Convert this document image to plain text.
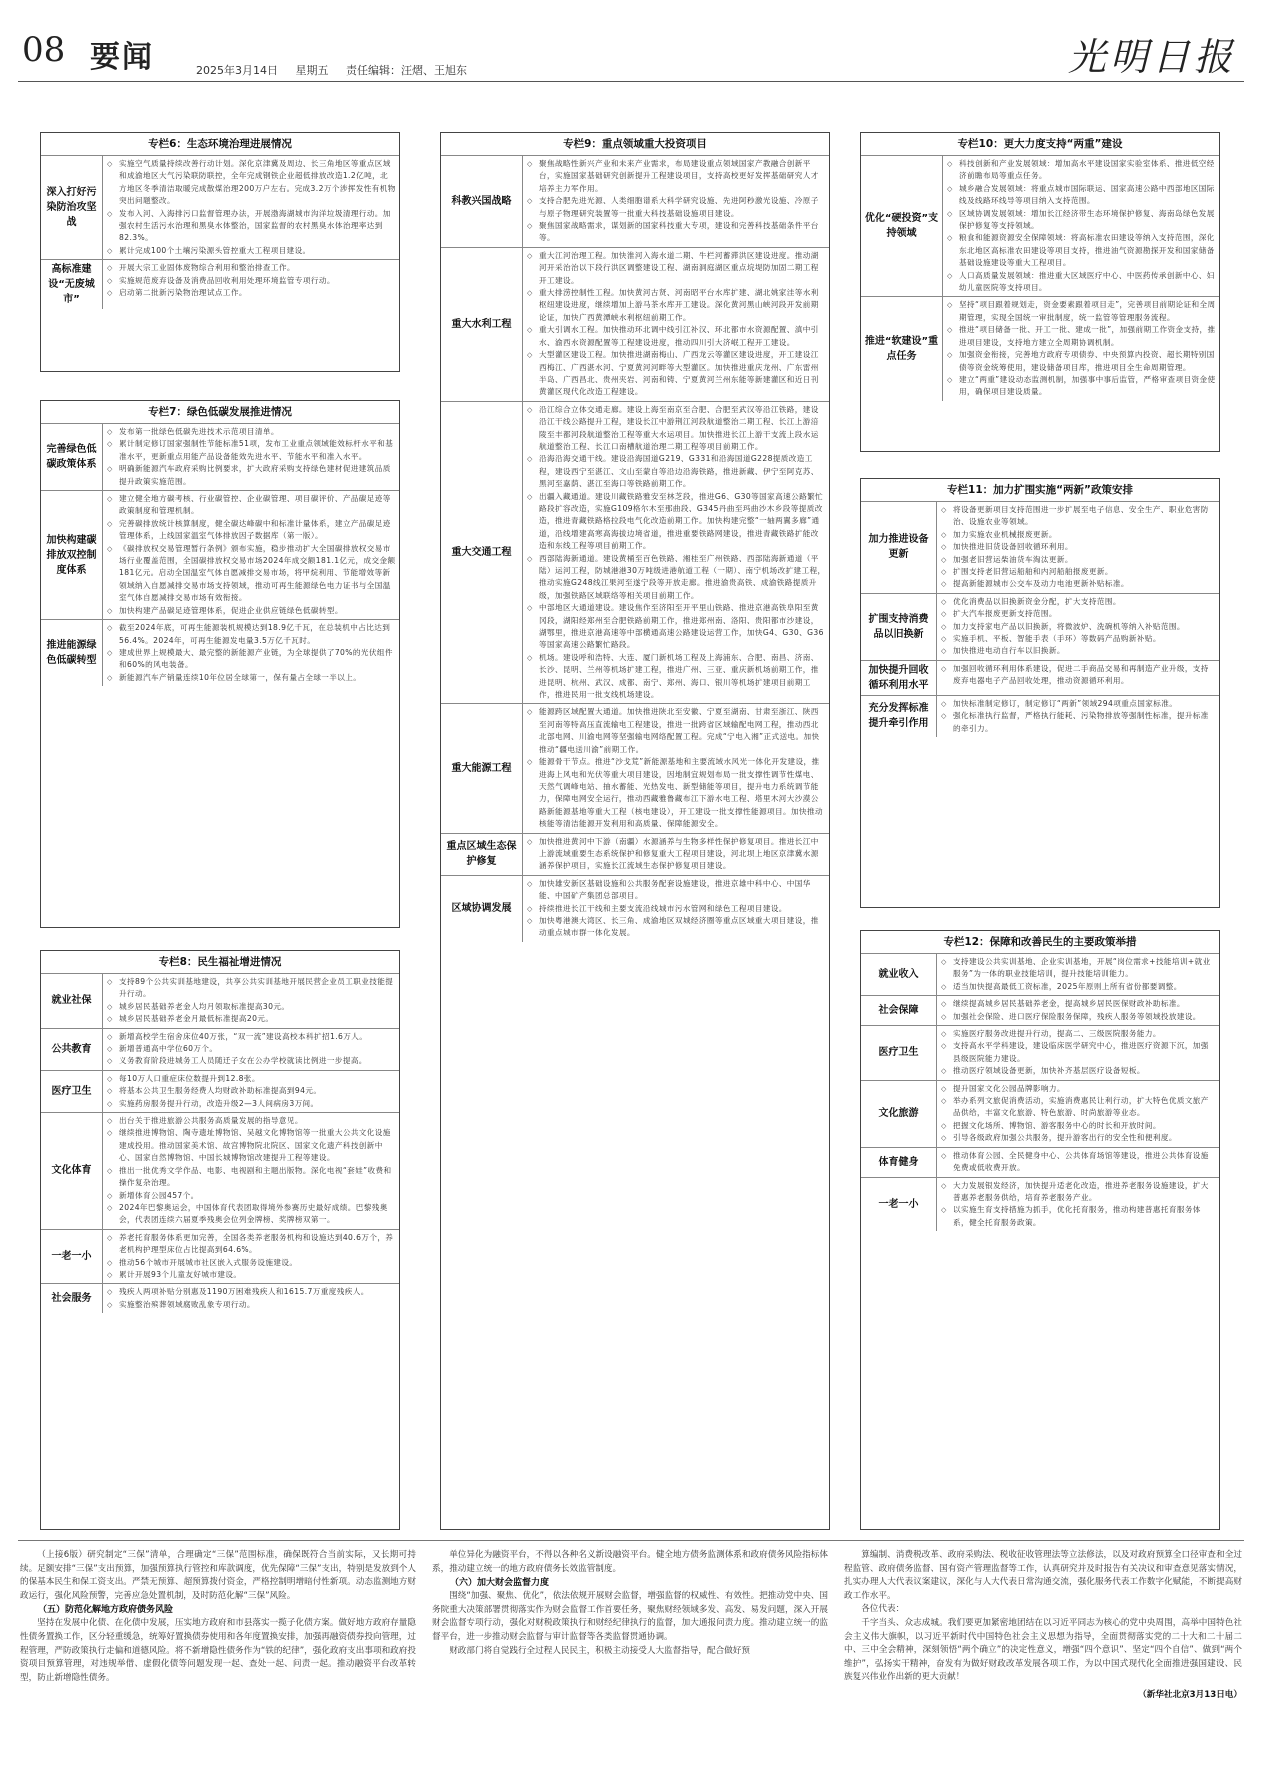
08 要闻	2025年3月14日 星期五 责任编辑：汪熠、王旭东	光明日报
专栏6：生态环境治理进展情况
深入打好污染防治攻坚战
◇ 实施空气质量持续改善行动计划。深化京津冀及周边、长三角地区等重点区域和成渝地区大气污染联防联控，全年完成钢铁企业超低排放改造1.2亿吨，北方地区冬季清洁取暖完成散煤治理200万户左右。完成3.2万个涉挥发性有机物突出问题整改。
◇ 发布入河、入海排污口监督管理办法，开展渤海湖城市沟洋垃圾清理行动。加强农村生活污水治理和黑臭水体整治，国家监督的农村黑臭水体治理率达到82.3%。
◇ 累计完成100个土壤污染源头管控重大工程项目建设。
高标准建设“无废城市”
◇ 开展大宗工业固体废物综合利用和整治排查工作。
◇ 实施规范废弃设备及消费品回收利用处理环境监管专项行动。
◇ 启动第二批新污染物治理试点工作。
专栏7：绿色低碳发展推进情况
完善绿色低碳政策体系
◇ 发布第一批绿色低碳先进技术示范项目清单。
◇ 累计制定修订国家强制性节能标准51项，发布工业重点领域能效标杆水平和基准水平，更新重点用能产品设备能效先进水平、节能水平和准入水平。
◇ 明确新能源汽车政府采购比例要求，扩大政府采购支持绿色建材促进建筑品质提升政策实施范围。
加快构建碳排放双控制度体系
◇ 建立健全地方碳考核、行业碳管控、企业碳管理、项目碳评价、产品碳足迹等政策制度和管理机制。
◇ 完善碳排放统计核算制度，健全碳达峰碳中和标准计量体系，建立产品碳足迹管理体系，上线国家温室气体排放因子数据库（第一版）。
◇ 《碳排放权交易管理暂行条例》颁布实施，稳步推动扩大全国碳排放权交易市场行业覆盖范围，全国碳排放权交易市场2024年成交额181.1亿元，成交金额181亿元。启动全国温室气体自愿减排交易市场，将甲烷利用、节能增效等新领域纳入自愿减排交易市场支持领域，推动可再生能源绿色电力证书与全国温室气体自愿减排交易市场有效衔接。
◇ 加快构建产品碳足迹管理体系，促进企业供应链绿色低碳转型。
推进能源绿色低碳转型
◇ 截至2024年底，可再生能源装机规模达到18.9亿千瓦，在总装机中占比达到56.4%。2024年，可再生能源发电量3.5万亿千瓦时。
◇ 建成世界上规模最大、最完整的新能源产业链，为全球提供了70%的光伏组件和60%的风电装备。
◇ 新能源汽车产销量连续10年位居全球第一，保有量占全球一半以上。
专栏8：民生福祉增进情况
就业社保
◇ 支持89个公共实训基地建设，共享公共实训基地开展民营企业员工职业技能提升行动。
◇ 城乡居民基础养老金人均月领取标准提高30元。
◇ 城乡居民基础养老金月最低标准提高20元。
公共教育
◇ 新增高校学生宿舍床位40万张，“双一流”建设高校本科扩招1.6万人。
◇ 新增普通高中学位60万个。
◇ 义务教育阶段进城务工人员随迁子女在公办学校就读比例进一步提高。
医疗卫生
◇ 每10万人口重症床位数提升到12.8张。
◇ 将基本公共卫生服务经费人均财政补助标准提高到94元。
◇ 实施药房服务提升行动，改造升级2—3人间病房3万间。
文化体育
◇ 出台关于推进旅游公共服务高质量发展的指导意见。
◇ 继续推进博物馆、陶寺遗址博物馆、吴越文化博物馆等一批重大公共文化设施建成投用。推动国家美术馆、故宫博物院北院区、国家文化遗产科技创新中心、国家自然博物馆、中国长城博物馆改建提升工程等建设。
◇ 推出一批优秀文学作品、电影、电视剧和主题出版物。深化电视“套娃”收费和操作复杂治理。
◇ 新增体育公园457个。
◇ 2024年巴黎奥运会，中国体育代表团取得境外参赛历史最好成绩。巴黎残奥会，代表团连续六届夏季残奥会位列金牌榜、奖牌榜双第一。
一老一小
◇ 养老托育服务体系更加完善，全国各类养老服务机构和设施达到40.6万个，养老机构护理型床位占比提高到64.6%。
◇ 推动56个城市开展城市社区嵌入式服务设施建设。
◇ 累计开展93个儿童友好城市建设。
社会服务
◇ 残疾人两项补贴分别惠及1190万困难残疾人和1615.7万重度残疾人。
◇ 实施整治殡葬领域腐败乱象专项行动。
专栏9：重点领域重大投资项目
科教兴国战略
◇ 聚焦战略性新兴产业和未来产业需求，布局建设重点领域国家产教融合创新平台，实施国家基础研究创新提升工程建设项目，支持高校更好发挥基础研究人才培养主力军作用。
◇ 支持合肥先进光源、人类细胞谱系大科学研究设施、先进阿秒激光设施、冷原子与原子物理研究装置等一批重大科技基础设施项目建设。
◇ 聚焦国家战略需求，谋划新的国家科技重大专项，建设和完善科技基础条件平台等。
重大水利工程
◇ 重大江河治理工程。加快淮河入海水道二期、牛栏河蓄滞洪区建设进度。推动湖河开采治治以下段行洪区调整建设工程、湖南洞庭湖区重点垸堤防加固二期工程开工建设。
◇ 重大排涝控制性工程。加快黄河古贤、河南昭平台水库扩建、湖北姚家洼等水利枢纽建设进度，继续增加上游马茶水库开工建设。深化黄河黑山峡河段开发前期论证，加快广西黄潭峡水利枢纽前期工作。
◇ 重大引调水工程。加快推动环北调中线引江补汉、环北都市水资源配置、滇中引水、渝西水资源配置等工程建设进度，推动四川引大济岷工程开工建设。
◇ 大型灌区建设工程。加快推进湖南梅山、广西龙云等灌区建设进度，开工建设江西梅江、广西湛水河、宁夏黄河河畔等大型灌区。加快推进重庆龙州、广东雷州半岛、广西昌北、贵州夹岩、河南和铸、宁夏黄河兰州东能等新建灌区和近日刊黄灌区现代化改造工程建设。
重大交通工程
◇ 沿江综合立体交通走廊。建设上海至南京至合肥、合肥至武汉等沿江铁路，建设沿江干线公路提升工程，建设长江中游荆江河段航道整治二期工程、长江上游涪陵至丰都河段航道整治工程等重大水运项目。加快推进长江上游干支流上段水运航道整治工程、长江口南槽航道治理二期工程等项目前期工作。
◇ 沿海沿海交通干线。建设沿海国道G219、G331和沿海国道G228提质改造工程，建设西宁至湛江、文山至蒙自等沿边沿海铁路，推进新藏、伊宁至阿克苏、黑河至嘉荫、湛江至海口等铁路前期工作。
◇ 出疆入藏通道。建设川藏铁路雅安至林芝段，推进G6、G30等国家高速公路繁忙路段扩容改造，实施G109格尔木至那曲段、G345丹曲至玛曲沙木乡段等提质改造，推进青藏铁路格拉段电气化改造前期工作。加快构建完整“一轴两翼多廊”通道，沿线增建高寒高海拔边境省道，推进重要铁路网建设，推进青藏铁路扩能改造和东线工程等项目前期工作。
◇ 西部陆海新通道。建设黄桶至百色铁路、湘桂至广州铁路、西部陆海新通道（平陆）运河工程，防城港港30万吨级进港航道工程（一期）、南宁机场改扩建工程，推动实施G248线江果河至遂宁段等开放走廊。推进渝贵高铁、成渝铁路提质升级，加强铁路区域联络等相关项目前期工作。
◇ 中部地区大通道建设。建设焦作至济阳至开平里山铁路、推进京港高铁阜阳至黄冈段，湖阳经郑州至合肥铁路前期工作，推进郑州南、洛阳、贵阳都市沙建设，湖鄂里，推进京港高速等中部横通高速公路建设运营工作，加快G4、G30、G36等国家高速公路繁忙路段。
◇ 机场。建设呼和浩特、大连、厦门新机场工程及上海浦东、合肥、南昌、济南、长沙、昆明、兰州等机场扩建工程，推进广州、三亚、重庆新机场前期工作，推进昆明、杭州、武汉、成都、南宁、郑州、海口、银川等机场扩建项目前期工作，推进民用一批支线机场建设。
重大能源工程
◇ 能源跨区域配置大通道。加快推进陕北至安徽、宁夏至湖南、甘肃至浙江、陕西至河南等特高压直流输电工程建设，推进一批跨省区域输配电网工程，推动西北北部电网、川渝电网等坚强输电网络配置工程。完成“宁电入湘”正式送电。加快推动“疆电送川渝”前期工作。
◇ 能源骨干节点。推进“沙戈荒”新能源基地和主要流域水风光一体化开发建设，推进海上风电和光伏等重大项目建设，因地制宜规划布局一批支撑性调节性煤电、天然气调峰电站、抽水蓄能、光热发电、新型储能等项目，提升电力系统调节能力，保障电网安全运行，推动西藏雅鲁藏布江下游水电工程、塔里木河大沙漠公路新能源基地等重大工程（核电建设），开工建设一批支撑性能源项目。加快推动核能等清洁能源开发利用和高质量、保障能源安全。
重点区域生态保护修复
◇ 加快推进黄河中下游（南疆）水源涵养与生物多样性保护修复项目。推进长江中上游流域重要生态系统保护和修复重大工程项目建设，河北坝上地区京津冀水源涵养保护项目，实施长江流域生态保护修复项目建设。
区域协调发展
◇ 加快雄安新区基础设施和公共服务配套设施建设，推进京雄中科中心、中国华能、中国矿产集团总部项目。
◇ 持续推进长江干线和主要支流沿线城市污水管网和绿色工程项目建设。
◇ 加快粤港澳大湾区、长三角、成渝地区双城经济圈等重点区域重大项目建设，推动重点城市群一体化发展。
专栏10：更大力度支持“两重”建设
优化“硬投资”支持领域
◇ 科技创新和产业发展领域：增加高水平建设国家实验室体系、推进低空经济前瞻布局等重点任务。
◇ 城乡融合发展领域：将重点城市国际联运、国家高速公路中西部地区国际线及线路环线导等项目纳入支持范围。
◇ 区域协调发展领域：增加长江经济带生态环境保护修复、海南岛绿色发展保护修复等支持领域。
◇ 粮食和能源资源安全保障领域：将高标准农田建设等纳入支持范围，深化东北地区高标准农田建设等项目支持，推进油气资源勘探开发和国家储备基础设施建设等重大工程项目。
◇ 人口高质量发展领域：推进重大区域医疗中心、中医药传承创新中心、妇幼儿童医院等支持项目。
推进“软建设”重点任务
◇ 坚持“项目跟着规划走，资金要素跟着项目走”，完善项目前期论证和全周期管理，实现全国统一审批制度，统一监管等管理服务流程。
◇ 推进“项目储备一批、开工一批、建成一批”，加强前期工作资金支持，推进项目建设，支持地方建立全周期协调机制。
◇ 加强资金衔接，完善地方政府专项债券、中央预算内投资、超长期特别国债等资金统筹使用，建设储备项目库，推进项目全生命周期管理。
◇ 建立“两重”建设动态监测机制，加强事中事后监管，严格审查项目资金使用，确保项目建设质量。
专栏11：加力扩围实施“两新”政策安排
加力推进设备更新
◇ 将设备更新项目支持范围进一步扩展至电子信息、安全生产、职业危害防治、设施农业等领域。
◇ 加力实施农业机械报废更新。
◇ 加快推进旧货设备回收循环利用。
◇ 加强老旧营运柴油货车淘汰更新。
◇ 扩围支持老旧营运船舶和内河船舶报废更新。
◇ 提高新能源城市公交车及动力电池更新补贴标准。
扩围支持消费品以旧换新
◇ 优化消费品以旧换新资金分配，扩大支持范围。
◇ 扩大汽车报废更新支持范围。
◇ 加力支持家电产品以旧换新，将微波炉、洗碗机等纳入补贴范围。
◇ 实施手机、平板、智能手表（手环）等数码产品购新补贴。
◇ 加快推进电动自行车以旧换新。
加快提升回收循环利用水平
◇ 加强回收循环利用体系建设，促进二手商品交易和再制造产业升级，支持废弃电器电子产品回收处理，推动资源循环利用。
充分发挥标准提升牵引作用
◇ 加快标准制定修订，制定修订“两新”领域294项重点国家标准。
◇ 强化标准执行监督，严格执行能耗、污染物排放等强制性标准，提升标准的牵引力。
专栏12：保障和改善民生的主要政策举措
就业收入
◇ 支持建设公共实训基地、企业实训基地，开展“岗位需求+技能培训+就业服务”为一体的职业技能培训，提升技能培训能力。
◇ 适当加快提高最低工资标准，2025年原则上所有省份都要调整。
社会保障
◇ 继续提高城乡居民基础养老金，提高城乡居民医保财政补助标准。
◇ 加强社会保险、进口医疗保险服务保障，残疾人服务等领域投放建设。
医疗卫生
◇ 实施医疗服务改进提升行动，提高二、三级医院服务能力。
◇ 支持高水平学科建设，建设临床医学研究中心，推进医疗资源下沉，加强县级医院能力建设。
◇ 推动医疗领域设备更新，加快补齐基层医疗设备短板。
文化旅游
◇ 提升国家文化公园品牌影响力。
◇ 举办系列文旅促消费活动，实施消费惠民让利行动，扩大特色优质文旅产品供给，丰富文化旅游、特色旅游、时尚旅游等业态。
◇ 把握文化场所、博物馆、游客服务中心的时长和开放时间。
◇ 引导各级政府加强公共服务，提升游客出行的安全性和便利度。
体育健身
◇ 推动体育公园、全民健身中心、公共体育场馆等建设，推进公共体育设施免费或低收费开放。
一老一小
◇ 大力发展银发经济，加快提升适老化改造，推进养老服务设施建设，扩大普惠养老服务供给，培育养老服务产业。
◇ 以实施生育支持措施为抓手，优化托育服务，推动构建普惠托育服务体系，健全托育服务政策。

（上接6版）研究制定“三保”清单，合理确定“三保”范围标准，确保既符合当前实际，又长期可持续。足额安排“三保”支出预算，加强预算执行管控和库款调度，优先保障“三保”支出，特别是发放到个人的保基本民生和保工资支出。严禁无预算、超预算拨付资金，严格控制明增暗付性新项。动态监测地方财政运行，强化风险预警，完善应急处置机制，及时防范化解“三保”风险。

（五）防范化解地方政府债务风险

坚持在发展中化债、在化债中发展，压实地方政府和市县落实一揽子化债方案。做好地方政府存量隐性债务置换工作，区分轻重缓急，统筹好置换债券使用和各年度置换安排，加强再融资债券投向管理，过程管理，严防政策执行走偏和道德风险。将不新增隐性债务作为“铁的纪律”，强化政府支出事项和政府投资项目预算管理，对违规举借、虚假化债等问题发现一起、查处一起、问责一起。推动融资平台改革转型，防止新增隐性债务。

单位异化为融资平台，不得以各种名义新设融资平台。健全地方债务监测体系和政府债务风险指标体系，推动建立统一的地方政府债务长效监管制度。

（六）加大财会监督力度

围绕“加强、聚焦、优化”，依法依规开展财会监督，增强监督的权威性、有效性。把推动党中央、国务院重大决策部署贯彻落实作为财会监督工作首要任务，聚焦财经领域多发、高发、易发问题，深入开展财会监督专项行动，强化对财税政策执行和财经纪律执行的监督，加大通报问责力度。推动建立统一的监督平台，进一步推动财会监督与审计监督等各类监督贯通协调。

财政部门将自觉践行全过程人民民主，积极主动接受人大监督指导，配合做好预

算编制、消费税改革、政府采购法、税收征收管理法等立法修法，以及对政府预算全口径审查和全过程监管、政府债务监督、国有资产管理监督等工作，认真研究并及时报告有关决议和审查意见落实情况，扎实办理人大代表议案建议，深化与人大代表日常沟通交流，强化服务代表工作数字化赋能，不断提高财政工作水平。

各位代表：

千字当头、众志成城。我们要更加紧密地团结在以习近平同志为核心的党中央周围，高举中国特色社会主义伟大旗帜，以习近平新时代中国特色社会主义思想为指导，全面贯彻落实党的二十大和二十届二中、三中全会精神，深刻领悟“两个确立”的决定性意义，增强“四个意识”、坚定“四个自信”、做到“两个维护”，弘扬实干精神，奋发有为做好财政改革发展各项工作，为以中国式现代化全面推进强国建设、民族复兴伟业作出新的更大贡献！

（新华社北京3月13日电）
